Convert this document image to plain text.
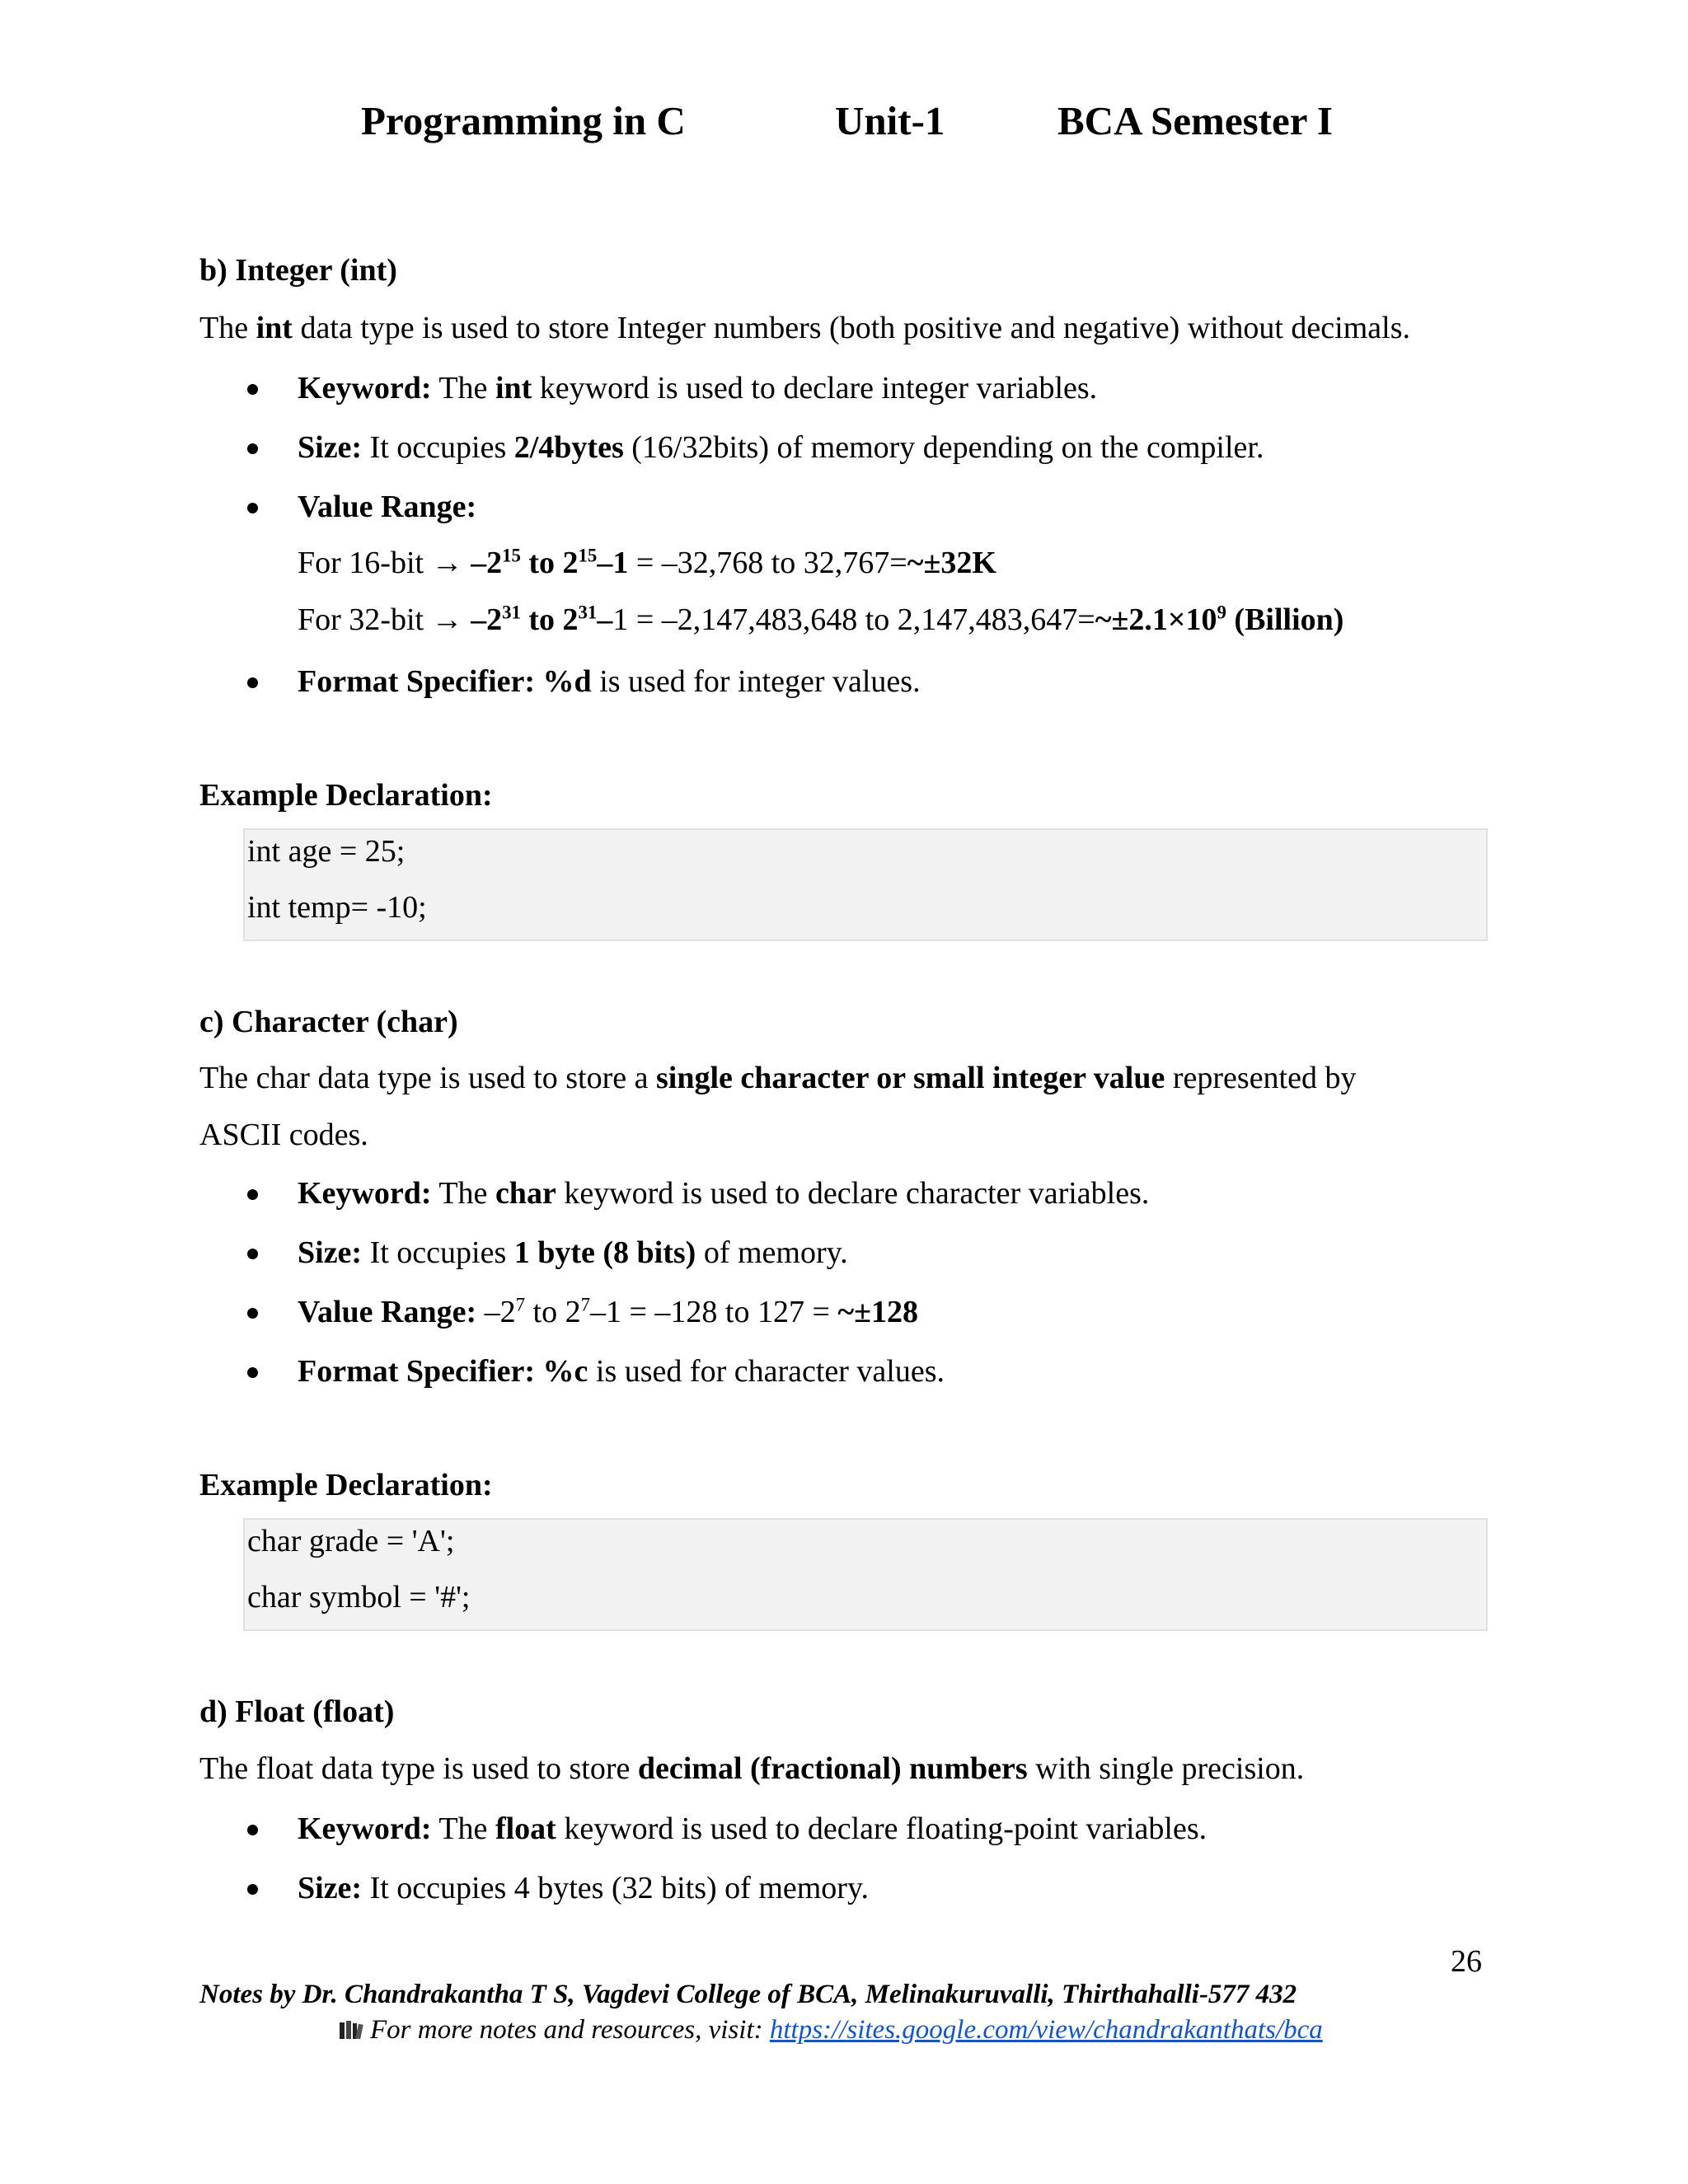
Programming in C	Unit-1	BCA Semester I
b) Integer (int)
The int data type is used to store Integer numbers (both positive and negative) without decimals.
Keyword: The int keyword is used to declare integer variables.
Size: It occupies 2/4bytes (16/32bits) of memory depending on the compiler.
Value Range:
For $16-bit \to -2^{15}$ to $2^{15}-1 = -32,768$ to 32,767=~±32K
For $32-bit \to -2^{31}$ to $2^{31}-1 = -2,147,483,648$ to $2,147,483,647=\sim\pm 2.1\times 10^9$ (Billion)
Format Specifier: %d is used for integer values.
Example Declaration:
int age = 25;
int temp= -10;
c) Character (char)
The char data type is used to store a single character or small integer value represented by
ASCII codes.
Keyword: The char keyword is used to declare character variables.
Size: It occupies 1 byte (8 bits) of memory.
Value Range: $-2^7$ to $2^7-1 = -128$ to 127 = ~±128
Format Specifier: %c is used for character values.
Example Declaration:
char grade = 'A';
char symbol = '#';
d) Float (float)
The float data type is used to store decimal (fractional) numbers with single precision.
Keyword: The float keyword is used to declare floating-point variables.
Size: It occupies 4 bytes (32 bits) of memory.
26
Notes by Dr. Chandrakantha T S, Vagdevi College of BCA, Melinakuruvalli, Thirthahalli-577 432
For more notes and resources, visit: https://sites.google.com/view/chandrakanthats/bca
